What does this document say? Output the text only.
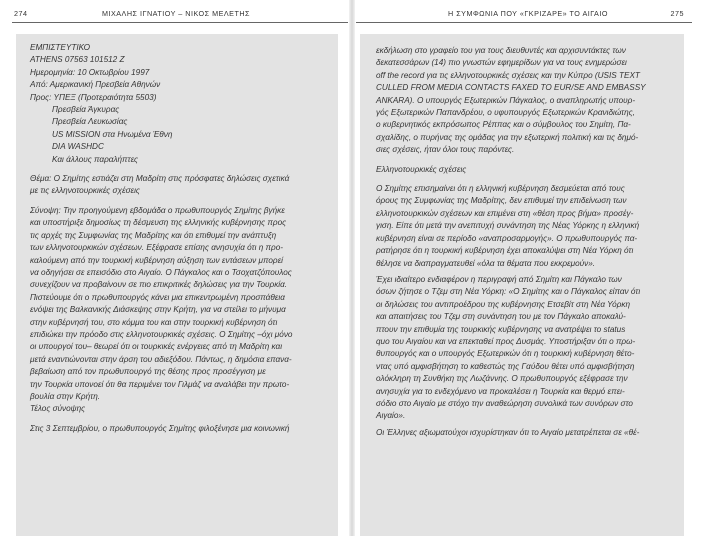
ΜΙΧΑΛΗΣ ΙΓΝΑΤΙΟΥ – ΝΙΚΟΣ ΜΕΛΕΤΗΣ
274
ΕΜΠΙΣΤΕΥΤΙΚΟ
ATHENS 07563 101512 Z
Ημερομηνία: 10 Οκτωβρίου 1997
Από: Αμερικανική Πρεσβεία Αθηνών
Προς: ΥΠΕΞ (Προτεραιότητα 5503)
Πρεσβεία Άγκυρας
Πρεσβεία Λευκωσίας
US MISSION στα Ηνωμένα Έθνη
DIA WASHDC
Και άλλους παραλήπτες
Θέμα: Ο Σημίτης εστιάζει στη Μαδρίτη στις πρόσφατες δηλώσεις σχετικά
με τις ελληνοτουρκικές σχέσεις
Σύνοψη: Την προηγούμενη εβδομάδα ο πρωθυπουργός Σημίτης βγήκε
και υποστήριξε δημοσίως τη δέσμευση της ελληνικής κυβέρνησης προς
τις αρχές της Συμφωνίας της Μαδρίτης και ότι επιθυμεί την ανάπτυξη
των ελληνοτουρκικών σχέσεων. Εξέφρασε επίσης ανησυχία ότι η προ-
καλούμενη από την τουρκική κυβέρνηση αύξηση των εντάσεων μπορεί
να οδηγήσει σε επεισόδιο στο Αιγαίο. Ο Πάγκαλος και ο Τσοχατζόπουλος
συνεχίζουν να προβαίνουν σε πιο επικριτικές δηλώσεις για την Τουρκία.
Πιστεύουμε ότι ο πρωθυπουργός κάνει μια επικεντρωμένη προσπάθεια
ενόψει της Βαλκανικής Διάσκεψης στην Κρήτη, για να στείλει το μήνυμα
στην κυβέρνησή του, στο κόμμα του και στην τουρκική κυβέρνηση ότι
επιδιώκει την πρόοδο στις ελληνοτουρκικές σχέσεις. Ο Σημίτης –όχι μόνο
οι υπουργοί του– θεωρεί ότι οι τουρκικές ενέργειες από τη Μαδρίτη και
μετά εναντιώνονται στην άρση του αδιεξόδου. Πάντως, η δημόσια επανα-
βεβαίωση από τον πρωθυπουργό της θέσης προς προσέγγιση με
την Τουρκία υπονοεί ότι θα περιμένει τον Γιλμάζ να αναλάβει την πρωτο-
βουλία στην Κρήτη.
Τέλος σύνοψης
Στις 3 Σεπτεμβρίου, ο πρωθυπουργός Σημίτης φιλοξένησε μια κοινωνική
Η ΣΥΜΦΩΝΙΑ ΠΟΥ «ΓΚΡΙΖΑΡΕ» ΤΟ ΑΙΓΑΙΟ	275
εκδήλωση στο γραφείο του για τους διευθυντές και αρχισυντάκτες των
δεκατεσσάρων (14) πιο γνωστών εφημερίδων για να τους ενημερώσει
off the record για τις ελληνοτουρκικές σχέσεις και την Κύπρο (USIS TEXT
CULLED FROM MEDIA CONTACTS FAXED TO EUR/SE AND EMBASSY
ANKARA). Ο υπουργός Εξωτερικών Πάγκαλος, ο αναπληρωτής υπουρ-
γός Εξωτερικών Παπανδρέου, ο υφυπουργός Εξωτερικών Κρανιδιώτης,
ο κυβερνητικός εκπρόσωπος Ρέππας και ο σύμβουλος του Σημίτη, Πα-
σχαλίδης, ο πυρήνας της ομάδας για την εξωτερική πολιτική και τις δημό-
σιες σχέσεις, ήταν όλοι τους παρόντες.
Ελληνοτουρκικές σχέσεις
Ο Σημίτης επισημαίνει ότι η ελληνική κυβέρνηση δεσμεύεται από τους
όρους της Συμφωνίας της Μαδρίτης, δεν επιθυμεί την επιδείνωση των
ελληνοτουρκικών σχέσεων και επιμένει στη «θέση προς βήμα» προσέγ-
γιση. Είπε ότι μετά την ανεπιτυχή συνάντηση της Νέας Υόρκης η ελληνική
κυβέρνηση είναι σε περίοδο «αναπροσαρμογής». Ο πρωθυπουργός πα-
ρατήρησε ότι η τουρκική κυβέρνηση έχει αποκαλύψει στη Νέα Υόρκη ότι
θέλησε να διαπραγματευθεί «όλα τα θέματα που εκκρεμούν».
Έχει ιδιαίτερο ενδιαφέρον η περιγραφή από Σημίτη και Πάγκαλο των
όσων ζήτησε ο Τζεμ στη Νέα Υόρκη: «Ο Σημίτης και ο Πάγκαλος είπαν ότι
οι δηλώσεις του αντιπροέδρου της κυβέρνησης Ετσεβίτ στη Νέα Υόρκη
και απαιτήσεις του Τζεμ στη συνάντηση του με τον Πάγκαλο αποκαλύ-
πτουν την επιθυμία της τουρκικής κυβέρνησης να ανατρέψει το status
quo του Αιγαίου και να επεκταθεί προς Δυσμάς. Υποστήριξαν ότι ο πρω-
θυπουργός και ο υπουργός Εξωτερικών ότι η τουρκική κυβέρνηση θέτο-
ντας υπό αμφισβήτηση το καθεστώς της Γαύδου θέτει υπό αμφισβήτηση
ολόκληρη τη Συνθήκη της Λωζάννης. Ο πρωθυπουργός εξέφρασε την
ανησυχία για το ενδεχόμενο να προκαλέσει η Τουρκία και θερμό επει-
σόδιο στο Αιγαίο με στόχο την αναθεώρηση συνολικά των συνόρων στο
Αιγαίο».
Οι Έλληνες αξιωματούχοι ισχυρίστηκαν ότι το Αιγαίο μετατρέπεται σε «θέ-
